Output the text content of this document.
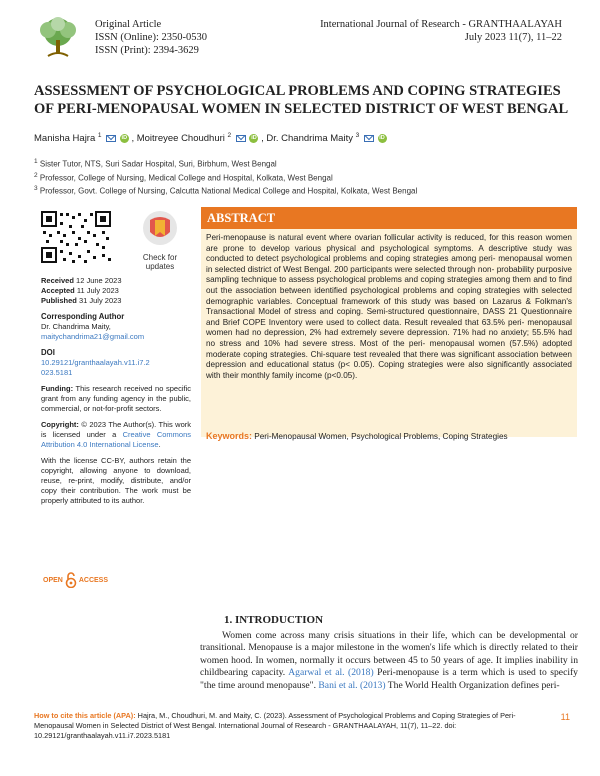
Original Article
ISSN (Online): 2350-0530
ISSN (Print): 2394-3629
International Journal of Research - GRANTHAALAYAH
July 2023 11(7), 11–22
ASSESSMENT OF PSYCHOLOGICAL PROBLEMS AND COPING STRATEGIES OF PERI-MENOPAUSAL WOMEN IN SELECTED DISTRICT OF WEST BENGAL
Manisha Hajra $^1$	iD , Moitreyee Choudhuri $^2$	iD , Dr. Chandrima Maity $^3$	iD
$^1$ Sister Tutor, NTS, Suri Sadar Hospital, Suri, Birbhum, West Bengal
$^2$ Professor, College of Nursing, Medical College and Hospital, Kolkata, West Bengal
$^3$ Professor, Govt. College of Nursing, Calcutta National Medical College and Hospital, Kolkata, West Bengal
Check for
updates
Received 12 June 2023
Accepted 11 July 2023
Published 31 July 2023
Corresponding Author
Dr. Chandrima Maity,
maitychandrima21@gmail.com
DOI
10.29121/granthaalayah.v11.i7.2023.5181
Funding: This research received no specific grant from any funding agency in the public, commercial, or not-for-profit sectors.
Copyright: © 2023 The Author(s). This work is licensed under a Creative Commons Attribution 4.0 International License.
With the license CC-BY, authors retain the copyright, allowing anyone to download, reuse, re-print, modify, distribute, and/or copy their contribution. The work must be properly attributed to its author.
OPEN ACCESS
ABSTRACT
Peri-menopause is natural event where ovarian follicular activity is reduced, for this reason women are prone to develop various physical and psychological symptoms. A descriptive study was conducted to detect psychological problems and coping strategies among peri- menopausal women in selected district of West Bengal. 200 participants were selected through non- probability purposive sampling technique to assess psychological problems and coping strategies among them and to find out the association between identified psychological problems and coping strategies with selected demographic variables. Conceptual framework of this study was based on Lazarus & Folkman's Transactional Model of stress and coping. Semi-structured questionnaire, DASS 21 Questionnaire and Brief COPE Inventory were used to collect data. Result revealed that 63.5% peri- menopausal women had no depression, 2% had extremely severe depression. 71% had no anxiety; 55.5% had no stress and 10% had severe stress. Most of the peri- menopausal women (57.5%) adopted moderate coping strategies. Chi-square test revealed that there was significant association between depression and educational status (p< 0.05). Coping strategies were also significantly associated with their monthly family income (p<0.05).
Keywords: Peri-Menopausal Women, Psychological Problems, Coping Strategies
1. INTRODUCTION
Women come across many crisis situations in their life, which can be developmental or transitional. Menopause is a major milestone in the women's life which is directly related to their women hood. In women, normally it occurs between 45 to 50 years of age. It implies inability in childbearing capacity. Agarwal et al. (2018) Peri-menopause is a term which is used to specify "the time around menopause". Bani et al. (2013) The World Health Organization defines peri-
How to cite this article (APA): Hajra, M., Choudhuri, M. and Maity, C. (2023). Assessment of Psychological Problems and Coping Strategies of Peri-Menopausal Women in Selected District of West Bengal. International Journal of Research - GRANTHAALAYAH, 11(7), 11–22. doi: 10.29121/granthaalayah.v11.i7.2023.5181
11
